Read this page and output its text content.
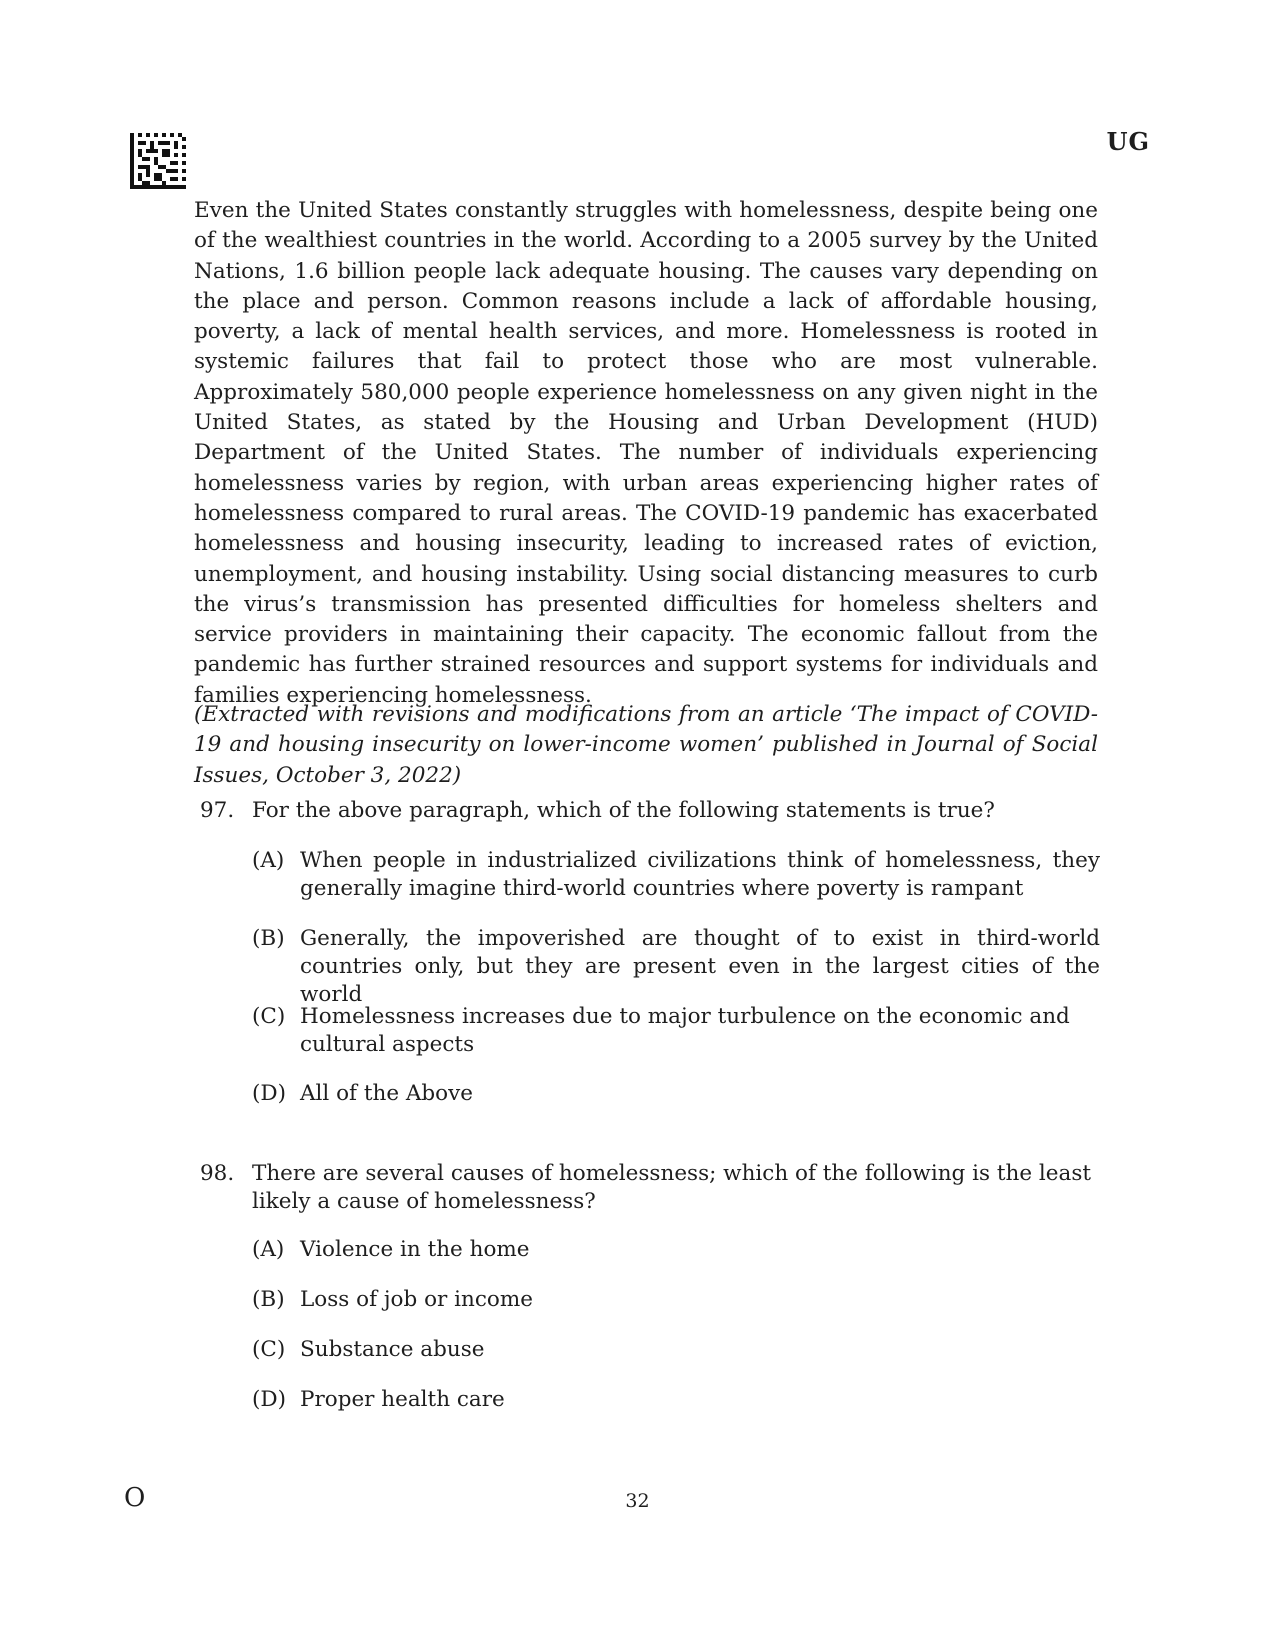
UG

Even the United States constantly struggles with homelessness, despite being one of the wealthiest countries in the world. According to a 2005 survey by the United Nations, 1.6 billion people lack adequate housing. The causes vary depending on the place and person. Common reasons include a lack of affordable housing, poverty, a lack of mental health services, and more. Homelessness is rooted in systemic failures that fail to protect those who are most vulnerable. Approximately 580,000 people experience homelessness on any given night in the United States, as stated by the Housing and Urban Development (HUD) Department of the United States. The number of individuals experiencing homelessness varies by region, with urban areas experiencing higher rates of homelessness compared to rural areas. The COVID-19 pandemic has exacerbated homelessness and housing insecurity, leading to increased rates of eviction, unemployment, and housing instability. Using social distancing measures to curb the virus’s transmission has presented difficulties for homeless shelters and service providers in maintaining their capacity. The economic fallout from the pandemic has further strained resources and support systems for individuals and families experiencing homelessness.

(Extracted with revisions and modifications from an article ‘The impact of COVID-19 and housing insecurity on lower-income women’ published in Journal of Social Issues, October 3, 2022)

97. For the above paragraph, which of the following statements is true?
(A) When people in industrialized civilizations think of homelessness, they generally imagine third-world countries where poverty is rampant
(B) Generally, the impoverished are thought of to exist in third-world countries only, but they are present even in the largest cities of the world
(C) Homelessness increases due to major turbulence on the economic and cultural aspects
(D) All of the Above
98. There are several causes of homelessness; which of the following is the least likely a cause of homelessness?
(A) Violence in the home
(B) Loss of job or income
(C) Substance abuse
(D) Proper health care
O	32
